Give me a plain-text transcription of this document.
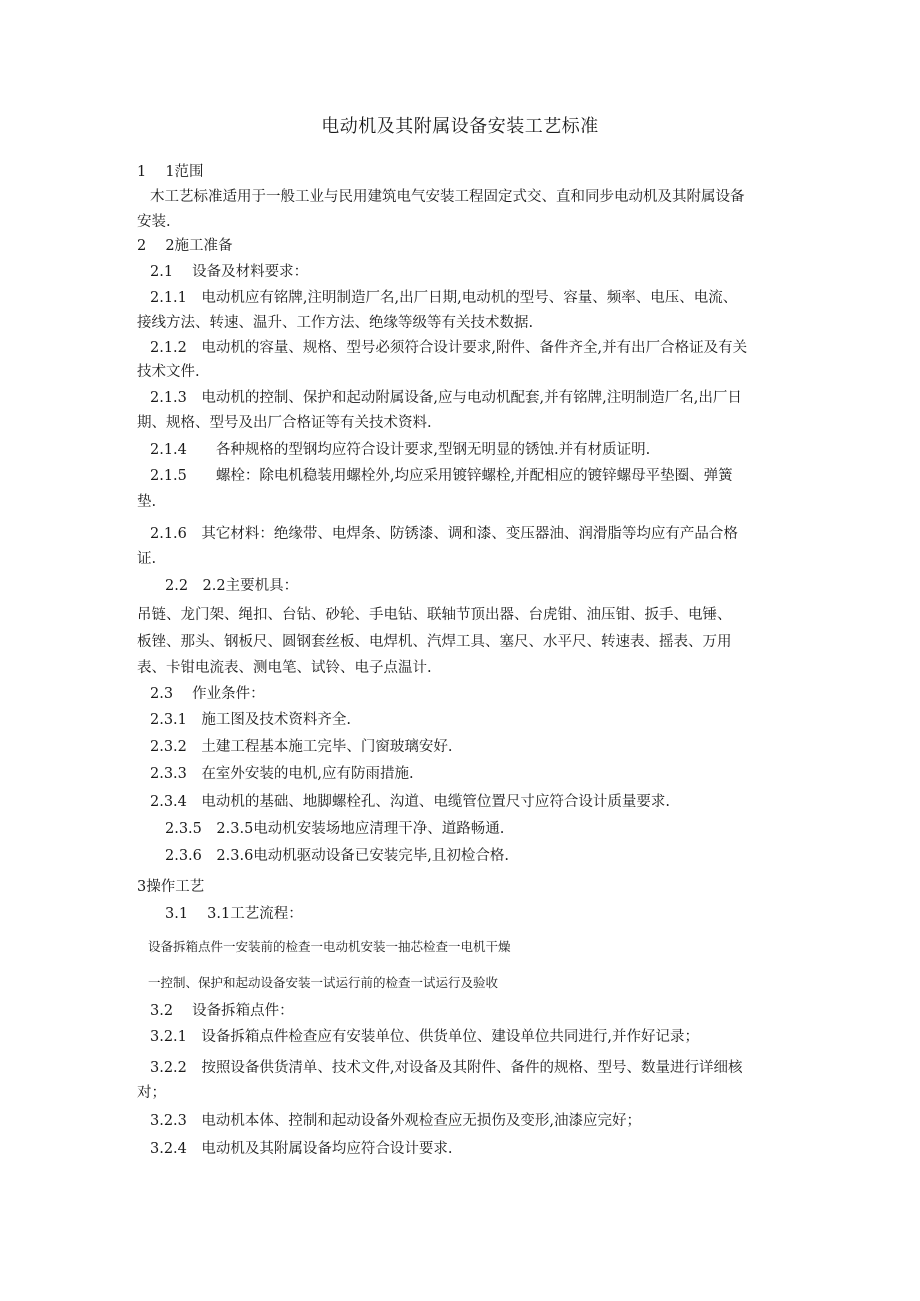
电动机及其附属设备安装工艺标准

1　 1范围

木工艺标准适用于一般工业与民用建筑电气安装工程固定式交、直和同步电动机及其附属设备

安装.

2　 2施工准备

2.1　 设备及材料要求：

2.1.1　电动机应有铭牌,注明制造厂名,出厂日期,电动机的型号、容量、频率、电压、电流、

接线方法、转速、温升、工作方法、绝缘等级等有关技术数据.

2.1.2　电动机的容量、规格、型号必须符合设计要求,附件、备件齐全,并有出厂合格证及有关

技术文件.

2.1.3　电动机的控制、保护和起动附属设备,应与电动机配套,并有铭牌,注明制造厂名,出厂日

期、规格、型号及出厂合格证等有关技术资料.

2.1.4　　各种规格的型钢均应符合设计要求,型钢无明显的锈蚀.并有材质证明.

2.1.5　　螺栓：除电机稳装用螺栓外,均应采用镀锌螺栓,并配相应的镀锌螺母平垫圈、弹簧

垫.

2.1.6　其它材料：绝缘带、电焊条、防锈漆、调和漆、变压器油、润滑脂等均应有产品合格

证.

2.2　2.2主要机具：

吊链、龙门架、绳扣、台钻、砂轮、手电钻、联轴节顶出器、台虎钳、油压钳、扳手、电锤、

板锉、那头、钢板尺、圆钢套丝板、电焊机、汽焊工具、塞尺、水平尺、转速表、摇表、万用

表、卡钳电流表、测电笔、试铃、电子点温计.

2.3　 作业条件：

2.3.1　施工图及技术资料齐全.

2.3.2　土建工程基本施工完毕、门窗玻璃安好.

2.3.3　在室外安装的电机,应有防雨措施.

2.3.4　电动机的基础、地脚螺栓孔、沟道、电缆管位置尺寸应符合设计质量要求.

2.3.5　2.3.5电动机安装场地应清理干净、道路畅通.

2.3.6　2.3.6电动机驱动设备已安装完毕,且初检合格.

3操作工艺

3.1　 3.1工艺流程：

设备拆箱点件一安装前的检查一电动机安装一抽芯检查一电机干燥

一控制、保护和起动设备安装一试运行前的检查一试运行及验收

3.2　 设备拆箱点件：

3.2.1　设备拆箱点件检查应有安装单位、供货单位、建设单位共同进行,并作好记录；

3.2.2　按照设备供货清单、技术文件,对设备及其附件、备件的规格、型号、数量进行详细核

对；

3.2.3　电动机本体、控制和起动设备外观检查应无损伤及变形,油漆应完好；

3.2.4　电动机及其附属设备均应符合设计要求.
